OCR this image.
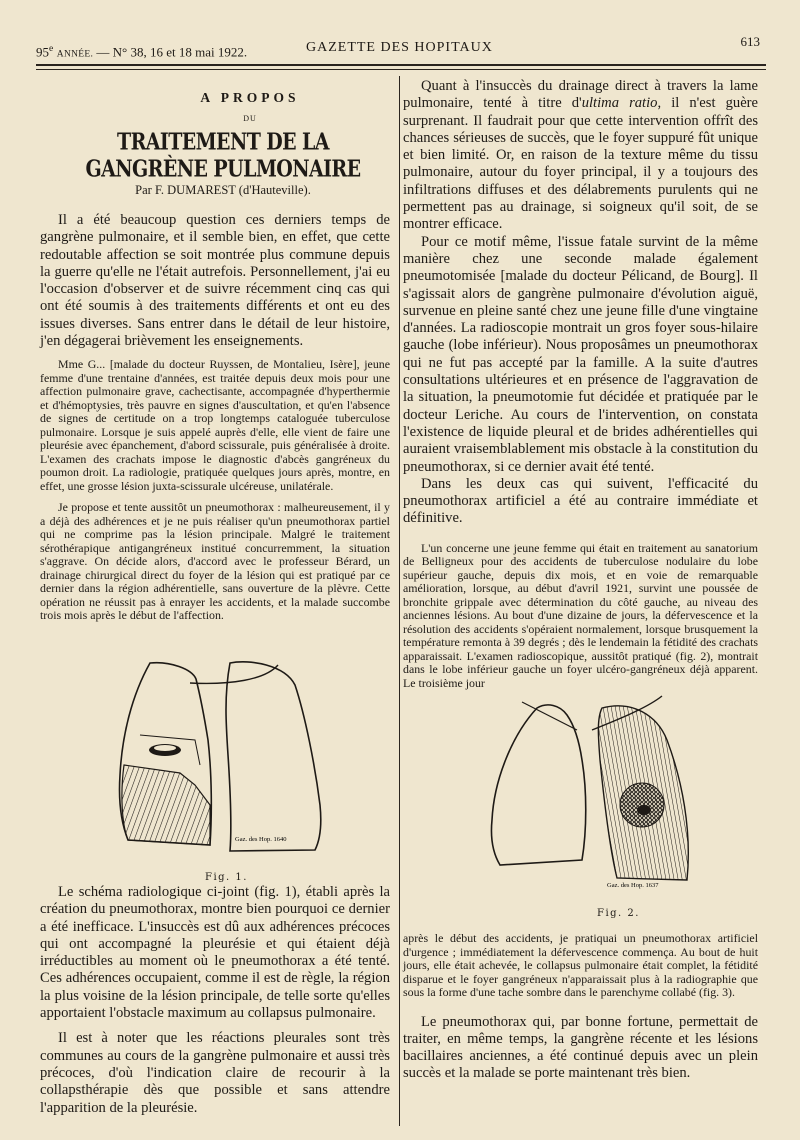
95e ANNÉE. — N° 38, 16 et 18 mai 1922.	GAZETTE DES HOPITAUX	613
A PROPOS
DU
TRAITEMENT DE LA GANGRÈNE PULMONAIRE
Par F. DUMAREST (d'Hauteville).

Il a été beaucoup question ces derniers temps de gangrène pulmonaire, et il semble bien, en effet, que cette redoutable affection se soit montrée plus commune depuis la guerre qu'elle ne l'était autrefois. Personnellement, j'ai eu l'occasion d'observer et de suivre récemment cinq cas qui ont été soumis à des traitements différents et ont eu des issues diverses. Sans entrer dans le détail de leur histoire, j'en dégagerai brièvement les enseignements.

Mme G... [malade du docteur Ruyssen, de Montalieu, Isère], jeune femme d'une trentaine d'années, est traitée depuis deux mois pour une affection pulmonaire grave, cachectisante, accompagnée d'hyperthermie et d'hémoptysies, très pauvre en signes d'auscultation, et qu'en l'absence de signes de certitude on a trop longtemps cataloguée tuberculose pulmonaire. Lorsque je suis appelé auprès d'elle, elle vient de faire une pleurésie avec épanchement, d'abord scissurale, puis généralisée à droite. L'examen des crachats impose le diagnostic d'abcès gangréneux du poumon droit. La radiologie, pratiquée quelques jours après, montre, en effet, une grosse lésion juxta-scissurale ulcéreuse, unilatérale.

Je propose et tente aussitôt un pneumothorax : malheureusement, il y a déjà des adhérences et je ne puis réaliser qu'un pneumothorax partiel qui ne comprime pas la lésion principale. Malgré le traitement sérothérapique antigangréneux institué concurremment, la situation s'aggrave. On décide alors, d'accord avec le professeur Bérard, un drainage chirurgical direct du foyer de la lésion qui est pratiqué par ce dernier dans la région adhérentielle, sans ouverture de la plèvre. Cette opération ne réussit pas à enrayer les accidents, et la malade succombe trois mois après le début de l'affection.

Gaz. des Hop. 1640
Fig. 1.

Le schéma radiologique ci-joint (fig. 1), établi après la création du pneumothorax, montre bien pourquoi ce dernier a été inefficace. L'insuccès est dû aux adhérences précoces qui ont accompagné la pleurésie et qui étaient déjà irréductibles au moment où le pneumothorax a été tenté. Ces adhérences occupaient, comme il est de règle, la région la plus voisine de la lésion principale, de telle sorte qu'elles apportaient l'obstacle maximum au collapsus pulmonaire.

Il est à noter que les réactions pleurales sont très communes au cours de la gangrène pulmonaire et aussi très précoces, d'où l'indication claire de recourir à la collapsthérapie dès que possible et sans attendre l'apparition de la pleurésie.

Quant à l'insuccès du drainage direct à travers la lame pulmonaire, tenté à titre d'ultima ratio, il n'est guère surprenant. Il faudrait pour que cette intervention offrît des chances sérieuses de succès, que le foyer suppuré fût unique et bien limité. Or, en raison de la texture même du tissu pulmonaire, autour du foyer principal, il y a toujours des infiltrations diffuses et des délabrements purulents qui ne permettent pas au drainage, si soigneux qu'il soit, de se montrer efficace.

Pour ce motif même, l'issue fatale survint de la même manière chez une seconde malade également pneumotomisée [malade du docteur Pélicand, de Bourg]. Il s'agissait alors de gangrène pulmonaire d'évolution aiguë, survenue en pleine santé chez une jeune fille d'une vingtaine d'années. La radioscopie montrait un gros foyer sous-hilaire gauche (lobe inférieur). Nous proposâmes un pneumothorax qui ne fut pas accepté par la famille. A la suite d'autres consultations ultérieures et en présence de l'aggravation de la situation, la pneumotomie fut décidée et pratiquée par le docteur Leriche. Au cours de l'intervention, on constata l'existence de liquide pleural et de brides adhérentielles qui auraient vraisemblablement mis obstacle à la constitution du pneumothorax, si ce dernier avait été tenté.

Dans les deux cas qui suivent, l'efficacité du pneumothorax artificiel a été au contraire immédiate et définitive.

L'un concerne une jeune femme qui était en traitement au sanatorium de Belligneux pour des accidents de tuberculose nodulaire du lobe supérieur gauche, depuis dix mois, et en voie de remarquable amélioration, lorsque, au début d'avril 1921, survint une poussée de bronchite grippale avec détermination du côté gauche, au niveau des anciennes lésions. Au bout d'une dizaine de jours, la défervescence et la résolution des accidents s'opéraient normalement, lorsque brusquement la température remonta à 39 degrés ; dès le lendemain la fétidité des crachats apparaissait. L'examen radioscopique, aussitôt pratiqué (fig. 2), montrait dans le lobe inférieur gauche un foyer ulcéro-gangréneux déjà apparent. Le troisième jour

Gaz. des Hop. 1637
Fig. 2.

après le début des accidents, je pratiquai un pneumothorax artificiel d'urgence ; immédiatement la défervescence commença. Au bout de huit jours, elle était achevée, le collapsus pulmonaire était complet, la fétidité disparue et le foyer gangréneux n'apparaissait plus à la radiographie que sous la forme d'une tache sombre dans le parenchyme collabé (fig. 3).

Le pneumothorax qui, par bonne fortune, permettait de traiter, en même temps, la gangrène récente et les lésions bacillaires anciennes, a été continué depuis avec un plein succès et la malade se porte maintenant très bien.
